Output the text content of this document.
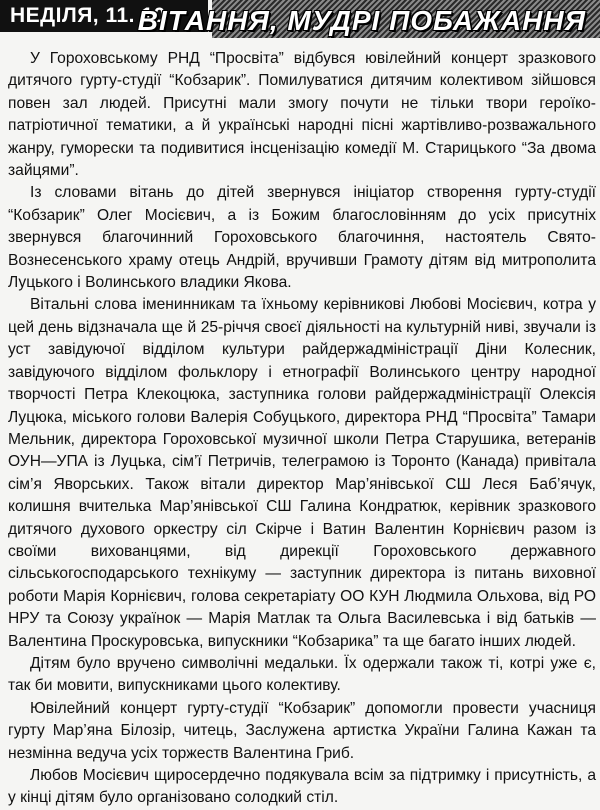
НЕДІЛЯ, 11. 10
ВІТАННЯ, МУДРІ ПОБАЖАННЯ

У Гороховському РНД “Просвіта” відбувся ювілейний концерт зразкового дитячого гурту-студії “Кобзарик”. Помилуватися дитячим колективом зійшовся повен зал людей. Присутні мали змогу почути не тільки твори героїко-патріотичної тематики, а й українські народні пісні жартівливо-розважального жанру, гуморески та подивитися інсценізацію комедії М. Старицького “За двома зайцями”.

Із словами вітань до дітей звернувся ініціатор створення гурту-студії “Кобзарик” Олег Мосієвич, а із Божим благословінням до усіх присутніх звернувся благочинний Гороховського благочиння, настоятель Свято-Вознесенського храму отець Андрій, вручивши Грамоту дітям від митрополита Луцького і Волинського владики Якова.

Вітальні слова іменинникам та їхньому керівникові Любові Мосієвич, котра у цей день відзначала ще й 25-річчя своєї діяльності на культурній ниві, звучали із уст завідуючої відділом культури райдержадміністрації Діни Колесник, завідуючого відділом фольклору і етнографії Волинського центру народної творчості Петра Клекоцюка, заступника голови райдержадміністрації Олексія Луцюка, міського голови Валерія Собуцького, директора РНД “Просвіта” Тамари Мельник, директора Гороховської музичної школи Петра Старушика, ветеранів ОУН—УПА із Луцька, сім’ї Петричів, телеграмою із Торонто (Канада) привітала сім’я Яворських. Також вітали директор Мар’янівської СШ Леся Баб’ячук, колишня вчителька Мар’янівської СШ Галина Кондратюк, керівник зразкового дитячого духового оркестру сіл Скірче і Ватин Валентин Корнієвич разом із своїми вихованцями, від дирекції Гороховського державного сільськогосподарського технікуму — заступник директора із питань виховної роботи Марія Корнієвич, голова секретаріату ОО КУН Людмила Ольхова, від РО НРУ та Союзу українок — Марія Матлак та Ольга Василевська і від батьків — Валентина Проскуровська, випускники “Кобзарика” та ще багато інших людей.

Дітям було вручено символічні медальки. Їх одержали також ті, котрі уже є, так би мовити, випускниками цього колективу.

Ювілейний концерт гурту-студії “Кобзарик” допомогли провести учасниця гурту Мар’яна Білозір, читець, Заслужена артистка України Галина Кажан та незмінна ведуча усіх торжеств Валентина Гриб.

Любов Мосієвич щиросердечно подякувала всім за підтримку і присутність, а у кінці дітям було організовано солодкий стіл.
